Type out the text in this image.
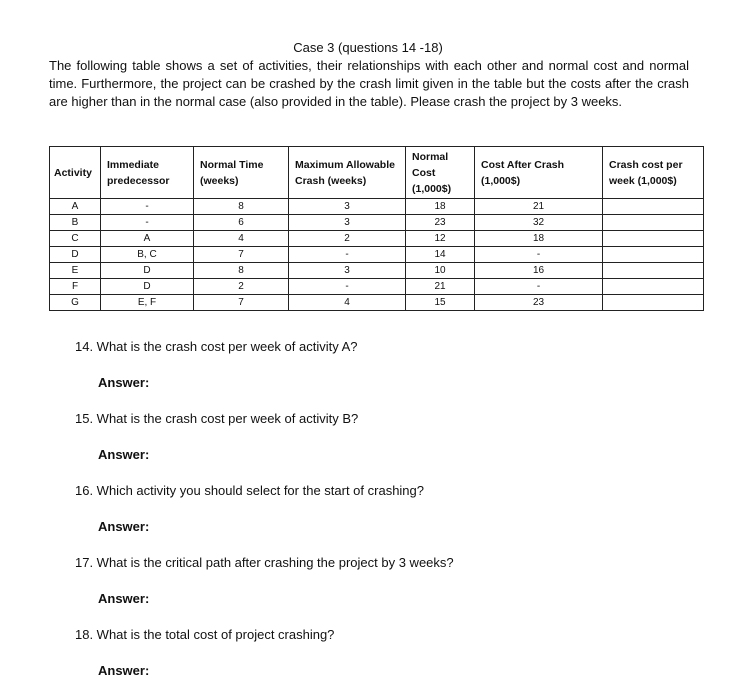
Case 3 (questions 14 -18)
The following table shows a set of activities, their relationships with each other and normal cost and normal time. Furthermore, the project can be crashed by the crash limit given in the table but the costs after the crash are higher than in the normal case (also provided in the table). Please crash the project by 3 weeks.
Activity	Immediate predecessor	Normal Time (weeks)	Maximum Allowable Crash (weeks)	Normal Cost (1,000$)	Cost After Crash (1,000$)	Crash cost per week (1,000$)
A	-	8	3	18	21	
B	-	6	3	23	32	
C	A	4	2	12	18	
D	B, C	7	-	14	-	
E	D	8	3	10	16	
F	D	2	-	21	-	
G	E, F	7	4	15	23	
14. What is the crash cost per week of activity A?
Answer:
15. What is the crash cost per week of activity B?
Answer:
16. Which activity you should select for the start of crashing?
Answer:
17. What is the critical path after crashing the project by 3 weeks?
Answer:
18. What is the total cost of project crashing?
Answer:
